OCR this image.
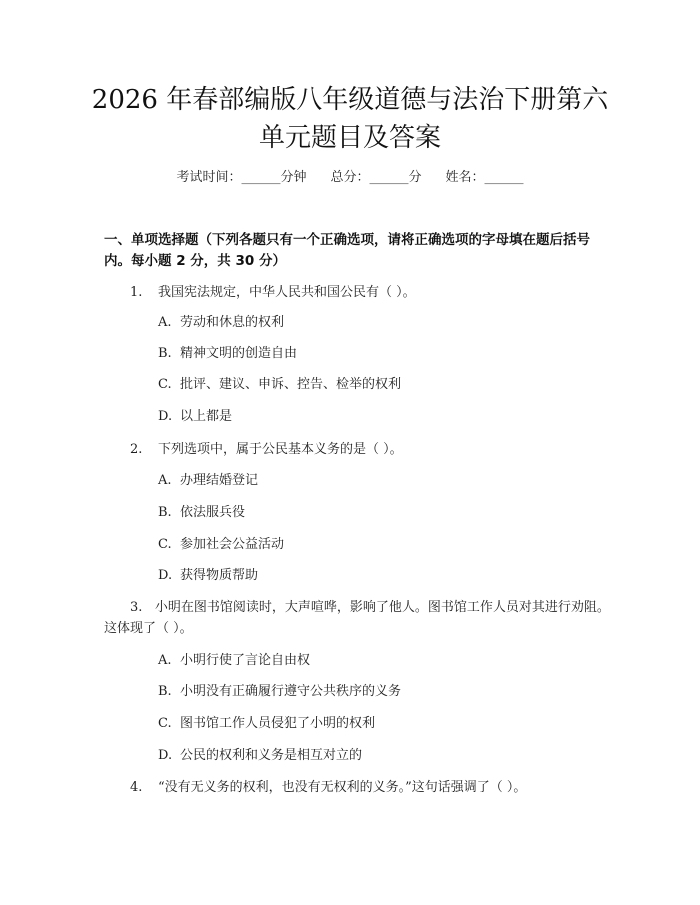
2026 年春部编版八年级道德与法治下册第六
单元题目及答案
考试时间：______分钟 总分：______分 姓名：______
一、单项选择题（下列各题只有一个正确选项，请将正确选项的字母填在题后括号内。每小题 2 分，共 30 分）
1. 我国宪法规定，中华人民共和国公民有（ ）。
A. 劳动和休息的权利
B. 精神文明的创造自由
C. 批评、建议、申诉、控告、检举的权利
D. 以上都是
2. 下列选项中，属于公民基本义务的是（ ）。
A. 办理结婚登记
B. 依法服兵役
C. 参加社会公益活动
D. 获得物质帮助
3. 小明在图书馆阅读时，大声喧哗，影响了他人。图书馆工作人员对其进行劝阻。这体现了（ ）。
A. 小明行使了言论自由权
B. 小明没有正确履行遵守公共秩序的义务
C. 图书馆工作人员侵犯了小明的权利
D. 公民的权利和义务是相互对立的
4. “没有无义务的权利，也没有无权利的义务。”这句话强调了（ ）。
